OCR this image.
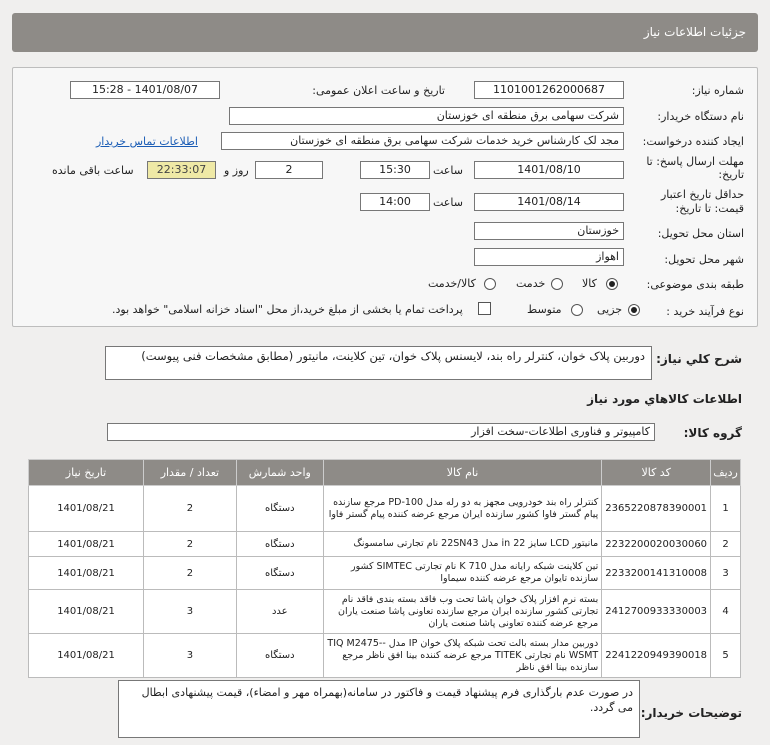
جزئیات اطلاعات نیاز
شماره نیاز:
1101001262000687
تاریخ و ساعت اعلان عمومی:
1401/08/07 - 15:28
نام دستگاه خریدار:
شرکت سهامی برق منطقه ای خوزستان
ایجاد کننده درخواست:
مجد لک کارشناس خرید خدمات شرکت سهامی برق منطقه ای خوزستان
اطلاعات تماس خریدار
مهلت ارسال پاسخ: تا
تاریخ:
1401/08/10
ساعت
15:30
2
روز و
22:33:07
ساعت باقی مانده
حداقل تاریخ اعتبار
قیمت: تا تاریخ:
1401/08/14
ساعت
14:00
استان محل تحویل:
خوزستان
شهر محل تحویل:
اهواز
طبقه بندی موضوعی:
کالا
خدمت
کالا/خدمت
نوع فرآیند خرید :
جزیی
متوسط
پرداخت تمام یا بخشی از مبلغ خرید،از محل "اسناد خزانه اسلامی" خواهد بود.
شرح کلي نياز:
دوربین پلاک خوان، کنترلر راه بند، لایسنس پلاک خوان، تین کلاینت، مانیتور (مطابق مشخصات فنی پیوست)
اطلاعات کالاهاي مورد نياز
گروه کالا:
کامپیوتر و فناوری اطلاعات-سخت افزار
ردیف	کد کالا	نام کالا	واحد شمارش	تعداد / مقدار	تاریخ نیاز
1	2365220878390001	کنترلر راه بند خودرویی مجهز به دو رله مدل PD-100 مرجع سازنده پیام گستر فاوا کشور سازنده ایران مرجع عرضه کننده پیام گستر فاوا	دستگاه	2	1401/08/21
2	2232200020030060	مانیتور LCD سایز 22 in مدل 22SN43 نام تجارتی سامسونگ	دستگاه	2	1401/08/21
3	2233200141310008	تین کلاینت شبکه رایانه مدل K 710 نام تجارتی SIMTEC کشور سازنده تایوان مرجع عرضه کننده سیماوا	دستگاه	2	1401/08/21
4	2412700933330003	بسته نرم افزار پلاک خوان پاشا تحت وب فاقد بسته بندی فاقد نام تجارتی کشور سازنده ایران مرجع سازنده تعاونی پاشا صنعت یاران مرجع عرضه کننده تعاونی پاشا صنعت یاران	عدد	3	1401/08/21
5	2241220949390018	دوربین مدار بسته بالت تحت شبکه پلاک خوان IP مدل -TIQ M2475-WSMT نام تجارتی TITEK مرجع عرضه کننده بینا افق ناظر مرجع سازنده بینا افق ناظر	دستگاه	3	1401/08/21
توضیحات خریدار:
در صورت عدم بارگذاری فرم پیشنهاد قیمت و فاکتور در سامانه(بهمراه مهر و امضاء)، قیمت پیشنهادی ابطال می گردد.
